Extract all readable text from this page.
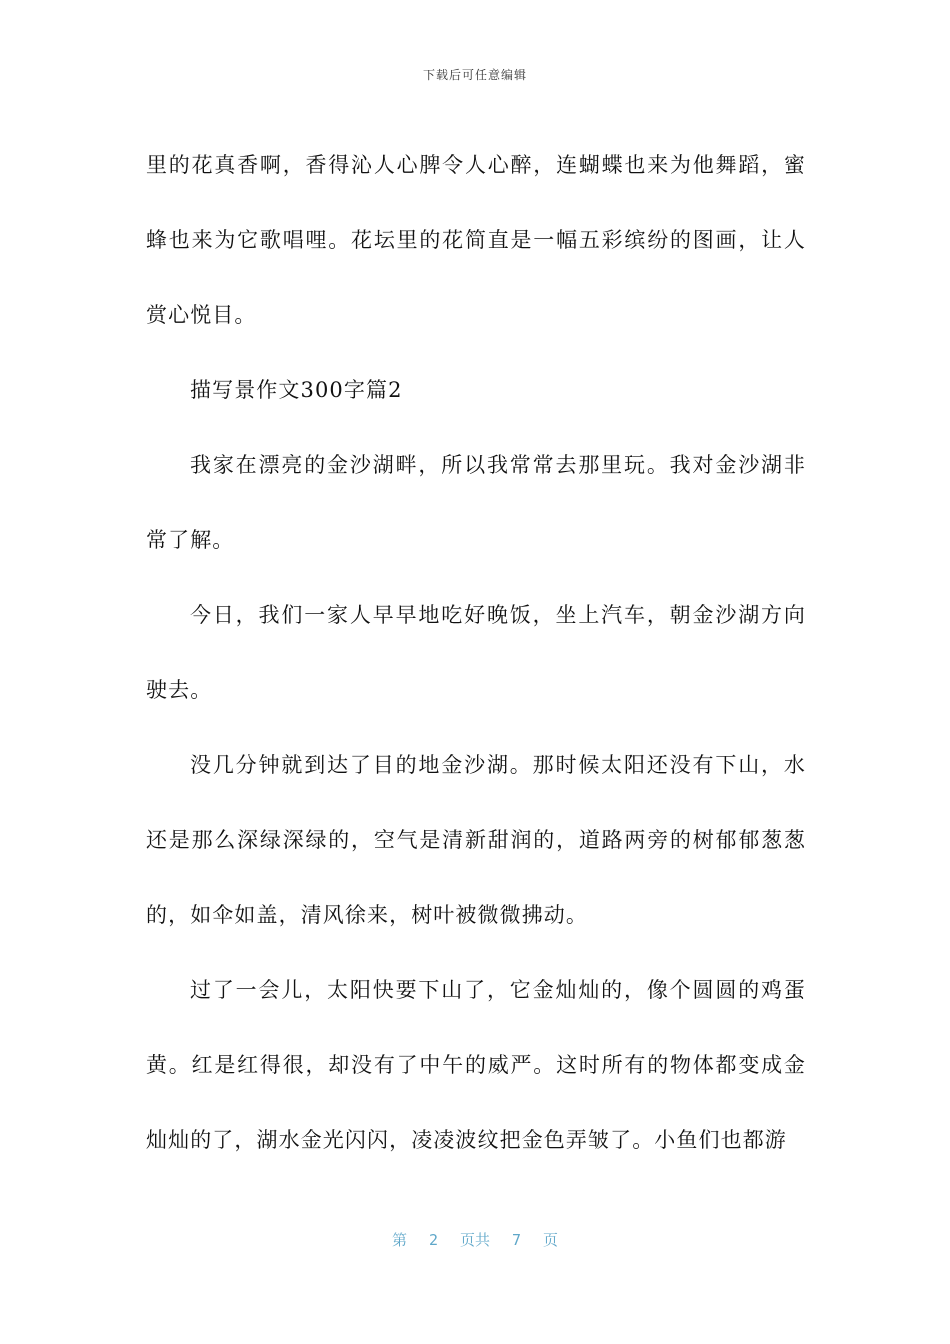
下载后可任意编辑

里的花真香啊，香得沁人心脾令人心醉，连蝴蝶也来为他舞蹈，蜜蜂也来为它歌唱哩。花坛里的花简直是一幅五彩缤纷的图画，让人赏心悦目。

描写景作文300字篇2

我家在漂亮的金沙湖畔，所以我常常去那里玩。我对金沙湖非常了解。

今日，我们一家人早早地吃好晚饭，坐上汽车，朝金沙湖方向驶去。

没几分钟就到达了目的地金沙湖。那时候太阳还没有下山，水还是那么深绿深绿的，空气是清新甜润的，道路两旁的树郁郁葱葱的，如伞如盖，清风徐来，树叶被微微拂动。

过了一会儿，太阳快要下山了，它金灿灿的，像个圆圆的鸡蛋黄。红是红得很，却没有了中午的威严。这时所有的物体都变成金灿灿的了，湖水金光闪闪，凌凌波纹把金色弄皱了。小鱼们也都游

第 2 页共 7 页
